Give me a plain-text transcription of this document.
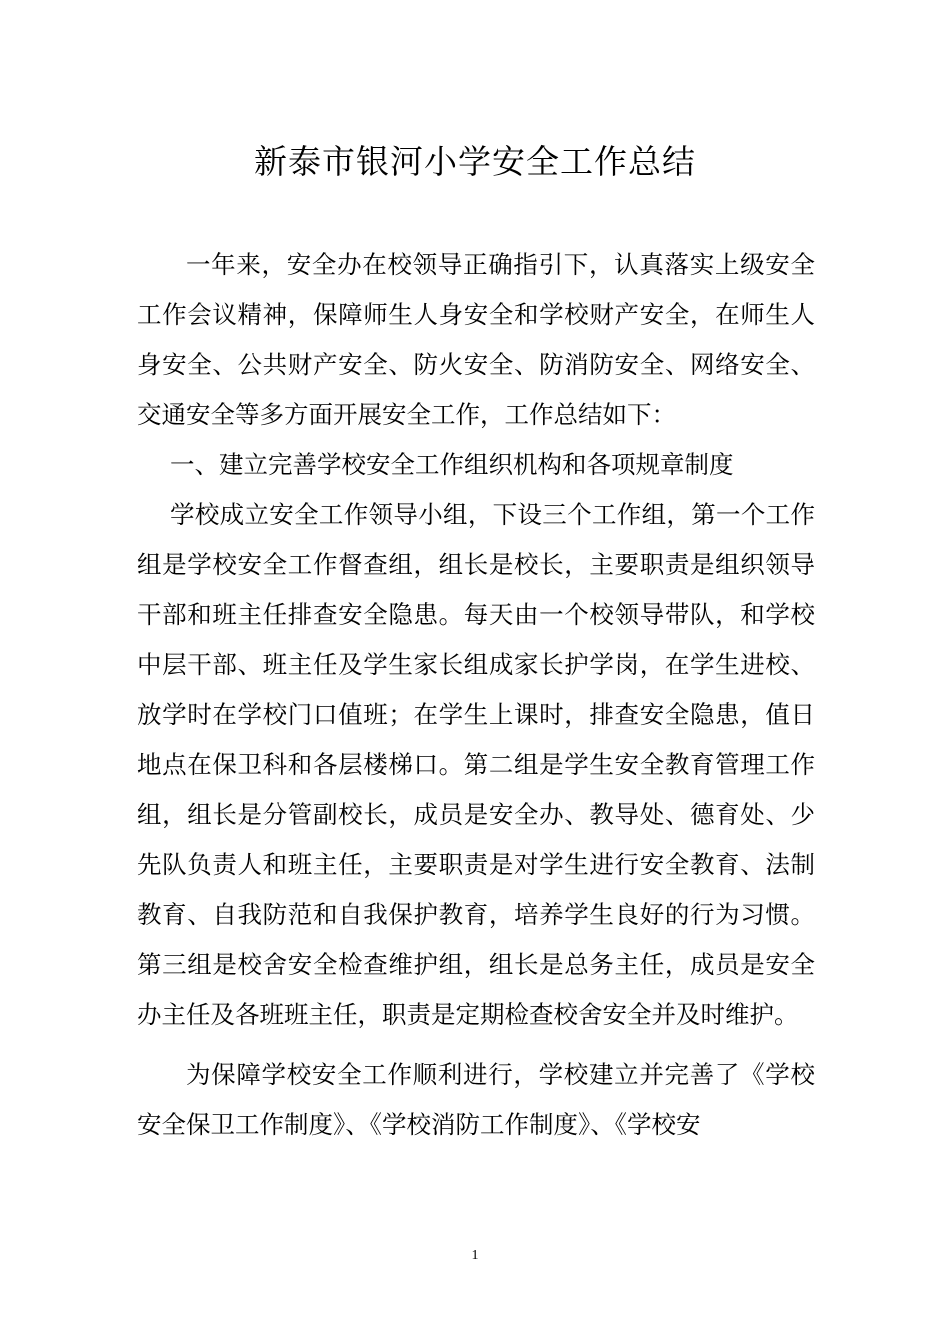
新泰市银河小学安全工作总结

一年来，安全办在校领导正确指引下，认真落实上级安全工作会议精神，保障师生人身安全和学校财产安全，在师生人身安全、公共财产安全、防火安全、防消防安全、网络安全、交通安全等多方面开展安全工作，工作总结如下：

一、建立完善学校安全工作组织机构和各项规章制度

学校成立安全工作领导小组，下设三个工作组，第一个工作组是学校安全工作督查组，组长是校长，主要职责是组织领导干部和班主任排查安全隐患。每天由一个校领导带队，和学校中层干部、班主任及学生家长组成家长护学岗，在学生进校、放学时在学校门口值班；在学生上课时，排查安全隐患，值日地点在保卫科和各层楼梯口。第二组是学生安全教育管理工作组，组长是分管副校长，成员是安全办、教导处、德育处、少先队负责人和班主任，主要职责是对学生进行安全教育、法制教育、自我防范和自我保护教育，培养学生良好的行为习惯。第三组是校舍安全检查维护组，组长是总务主任，成员是安全办主任及各班班主任，职责是定期检查校舍安全并及时维护。

为保障学校安全工作顺利进行，学校建立并完善了《学校安全保卫工作制度》、《学校消防工作制度》、《学校安

1
